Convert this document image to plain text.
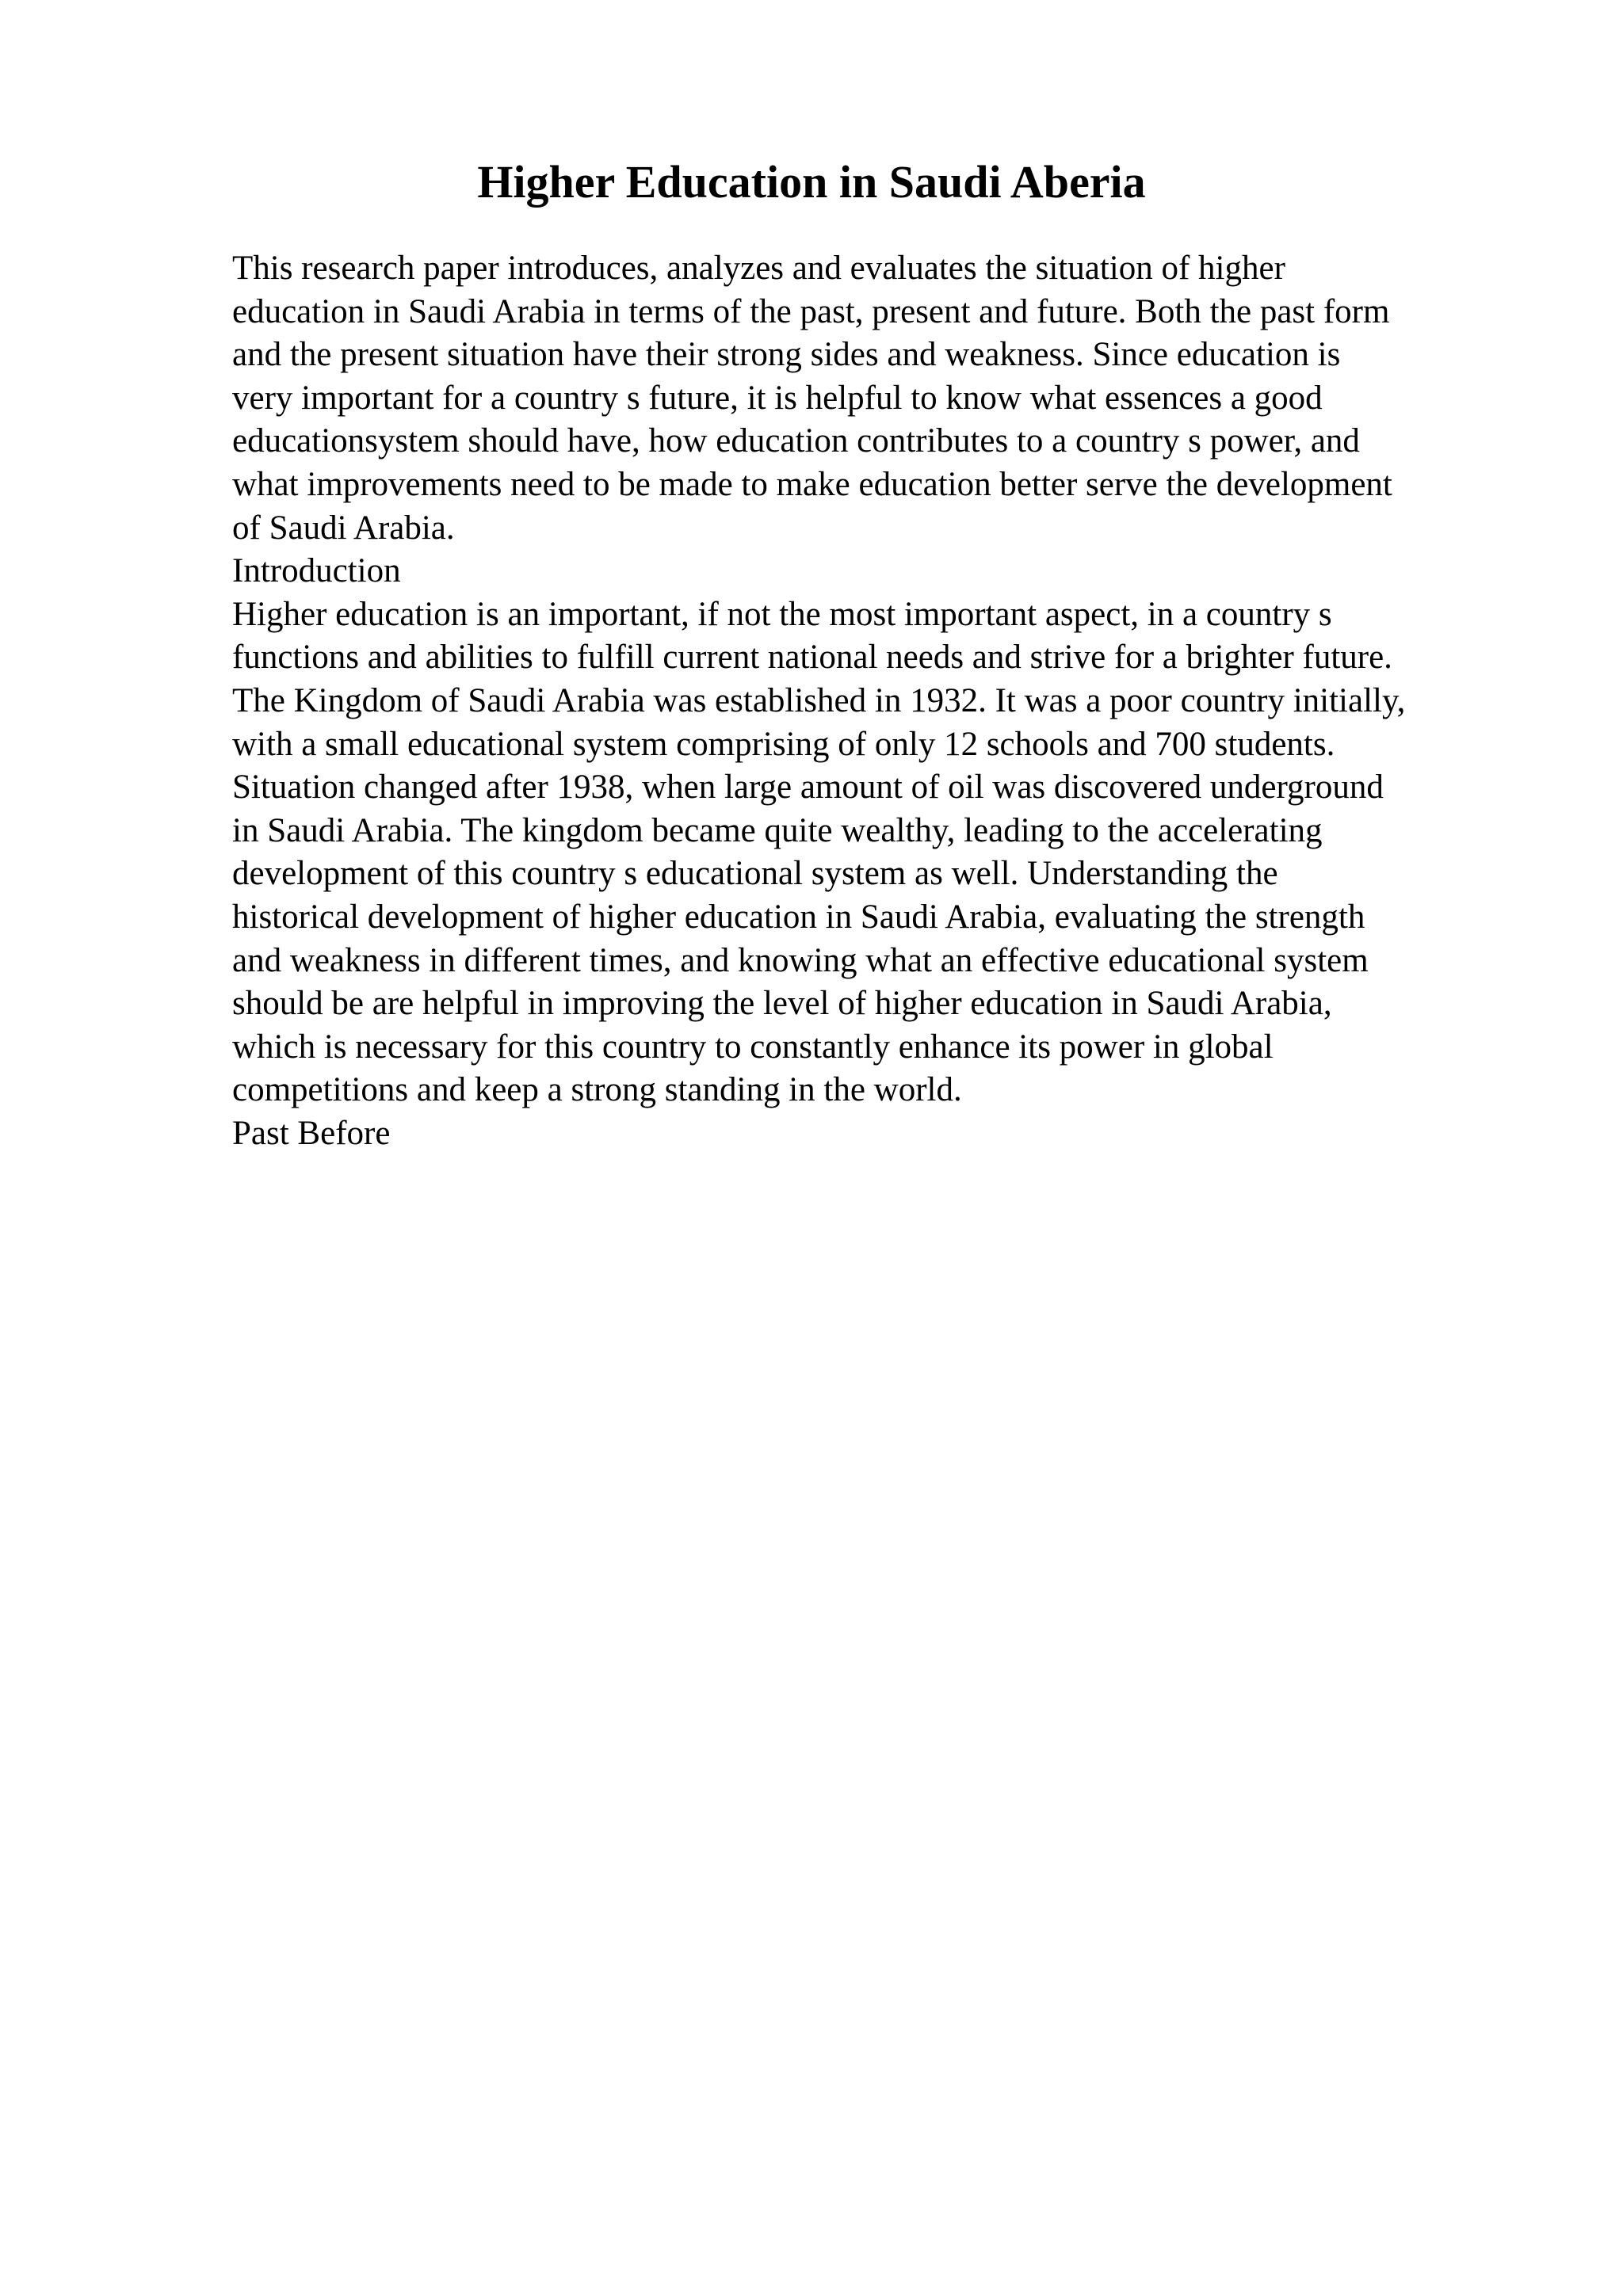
Higher Education in Saudi Aberia
This research paper introduces, analyzes and evaluates the situation of higher
education in Saudi Arabia in terms of the past, present and future. Both the past form
and the present situation have their strong sides and weakness. Since education is
very important for a country s future, it is helpful to know what essences a good
educationsystem should have, how education contributes to a country s power, and
what improvements need to be made to make education better serve the development
of Saudi Arabia.
Introduction
Higher education is an important, if not the most important aspect, in a country s
functions and abilities to fulfill current national needs and strive for a brighter future.
The Kingdom of Saudi Arabia was established in 1932. It was a poor country initially,
with a small educational system comprising of only 12 schools and 700 students.
Situation changed after 1938, when large amount of oil was discovered underground
in Saudi Arabia. The kingdom became quite wealthy, leading to the accelerating
development of this country s educational system as well. Understanding the
historical development of higher education in Saudi Arabia, evaluating the strength
and weakness in different times, and knowing what an effective educational system
should be are helpful in improving the level of higher education in Saudi Arabia,
which is necessary for this country to constantly enhance its power in global
competitions and keep a strong standing in the world.
Past Before
